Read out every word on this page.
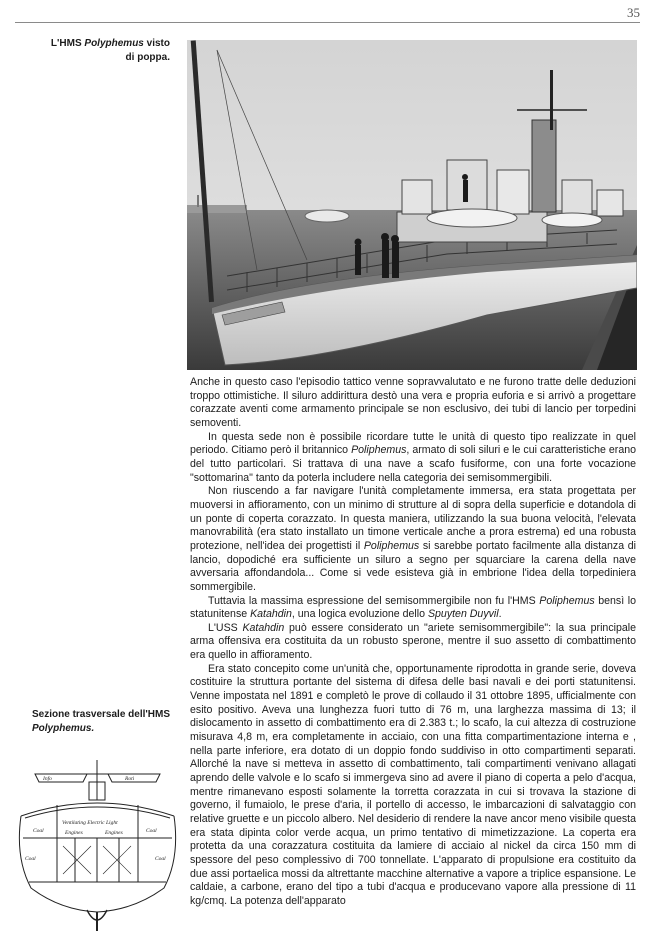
35
L'HMS Polyphemus visto di poppa.

Anche in questo caso l'episodio tattico venne sopravvalutato e ne furono tratte delle deduzioni troppo ottimistiche. Il siluro addirittura destò una vera e propria euforia e si arrivò a progettare corazzate aventi come armamento principale se non esclusivo, dei tubi di lancio per torpedini semoventi.

In questa sede non è possibile ricordare tutte le unità di questo tipo realizzate in quel periodo. Citiamo però il britannico Poliphemus, armato di soli siluri e le cui caratteristiche erano del tutto particolari. Si trattava di una nave a scafo fusiforme, con una forte vocazione "sottomarina" tanto da poterla includere nella categoria dei semisommergibili.

Non riuscendo a far navigare l'unità completamente immersa, era stata progettata per muoversi in affioramento, con un minimo di strutture al di sopra della superficie e dotandola di un ponte di coperta corazzato. In questa maniera, utilizzando la sua buona velocità, l'elevata manovrabilità (era stato installato un timone verticale anche a prora estrema) ed una robusta protezione, nell'idea dei progettisti il Poliphemus si sarebbe portato facilmente alla distanza di lancio, dopodiché era sufficiente un siluro a segno per squarciare la carena della nave avversaria affondandola... Come si vede esisteva già in embrione l'idea della torpediniera sommergibile.

Tuttavia la massima espressione del semisommergibile non fu l'HMS Poliphemus bensì lo statunitense Katahdin, una logica evoluzione dello Spuyten Duyvil.

L'USS Katahdin può essere considerato un "ariete semisommergibile": la sua principale arma offensiva era costituita da un robusto sperone, mentre il suo assetto di combattimento era quello in affioramento.

Era stato concepito come un'unità che, opportunamente riprodotta in grande serie, doveva costituire la struttura portante del sistema di difesa delle basi navali e dei porti statunitensi. Venne impostata nel 1891 e completò le prove di collaudo il 31 ottobre 1895, ufficialmente con esito positivo. Aveva una lunghezza fuori tutto di 76 m, una larghezza massima di 13; il dislocamento in assetto di combattimento era di 2.383 t.; lo scafo, la cui altezza di costruzione misurava 4,8 m, era completamente in acciaio, con una fitta compartimentazione interna e , nella parte inferiore, era dotato di un doppio fondo suddiviso in otto compartimenti separati. Allorché la nave si metteva in assetto di combattimento, tali compartimenti venivano allagati aprendo delle valvole e lo scafo si immergeva sino ad avere il piano di coperta a pelo d'acqua, mentre rimanevano esposti solamente la torretta corazzata in cui si trovava la stazione di governo, il fumaiolo, le prese d'aria, il portello di accesso, le imbarcazioni di salvataggio con relative gruette e un piccolo albero. Nel desiderio di rendere la nave ancor meno visibile questa era stata dipinta color verde acqua, un primo tentativo di mimetizzazione. La coperta era protetta da una corazzatura costituita da lamiere di acciaio al nickel da circa 150 mm di spessore del peso complessivo di 700 tonnellate. L'apparato di propulsione era costituito da due assi portaelica mossi da altrettante macchine alternative a vapore a triplice espansione. Le caldaie, a carbone, erano del tipo a tubi d'acqua e producevano vapore alla pressione di 11 kg/cmq. La potenza dell'apparato

Sezione trasversale dell'HMS
Polyphemus.
Info	Roti
Coal	Coal
Ventilating Electric Light
Engines	Engines
Coal	Coal
